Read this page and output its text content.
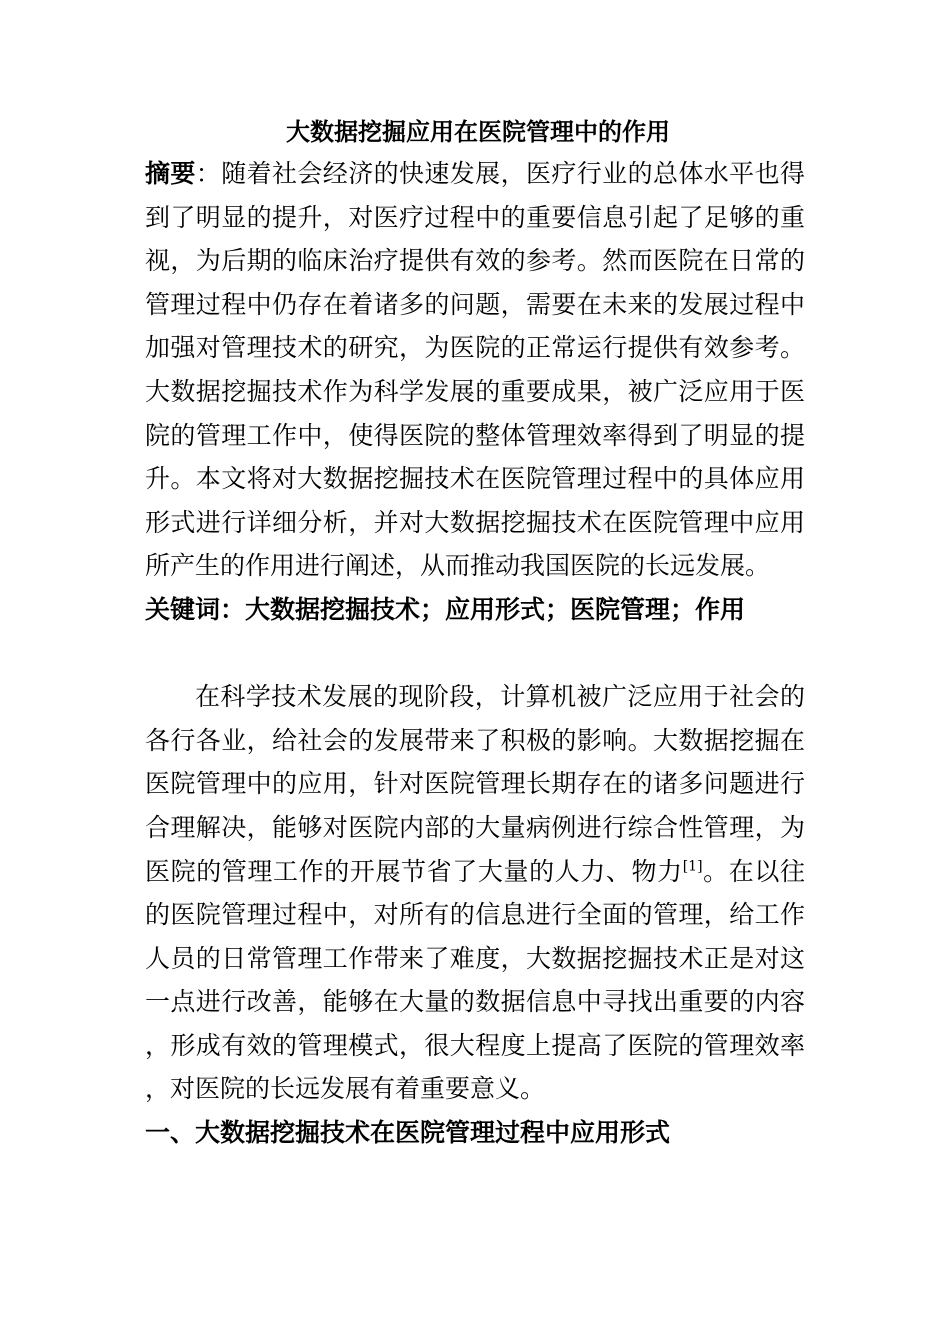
大数据挖掘应用在医院管理中的作用

摘要：随着社会经济的快速发展，医疗行业的总体水平也得到了明显的提升，对医疗过程中的重要信息引起了足够的重视，为后期的临床治疗提供有效的参考。然而医院在日常的管理过程中仍存在着诸多的问题，需要在未来的发展过程中加强对管理技术的研究，为医院的正常运行提供有效参考。大数据挖掘技术作为科学发展的重要成果，被广泛应用于医院的管理工作中，使得医院的整体管理效率得到了明显的提升。本文将对大数据挖掘技术在医院管理过程中的具体应用形式进行详细分析，并对大数据挖掘技术在医院管理中应用所产生的作用进行阐述，从而推动我国医院的长远发展。

关键词：大数据挖掘技术；应用形式；医院管理；作用

在科学技术发展的现阶段，计算机被广泛应用于社会的各行各业，给社会的发展带来了积极的影响。大数据挖掘在医院管理中的应用，针对医院管理长期存在的诸多问题进行合理解决，能够对医院内部的大量病例进行综合性管理，为医院的管理工作的开展节省了大量的人力、物力[1]。在以往的医院管理过程中，对所有的信息进行全面的管理，给工作人员的日常管理工作带来了难度，大数据挖掘技术正是对这一点进行改善，能够在大量的数据信息中寻找出重要的内容，形成有效的管理模式，很大程度上提高了医院的管理效率，对医院的长远发展有着重要意义。

一、大数据挖掘技术在医院管理过程中应用形式
